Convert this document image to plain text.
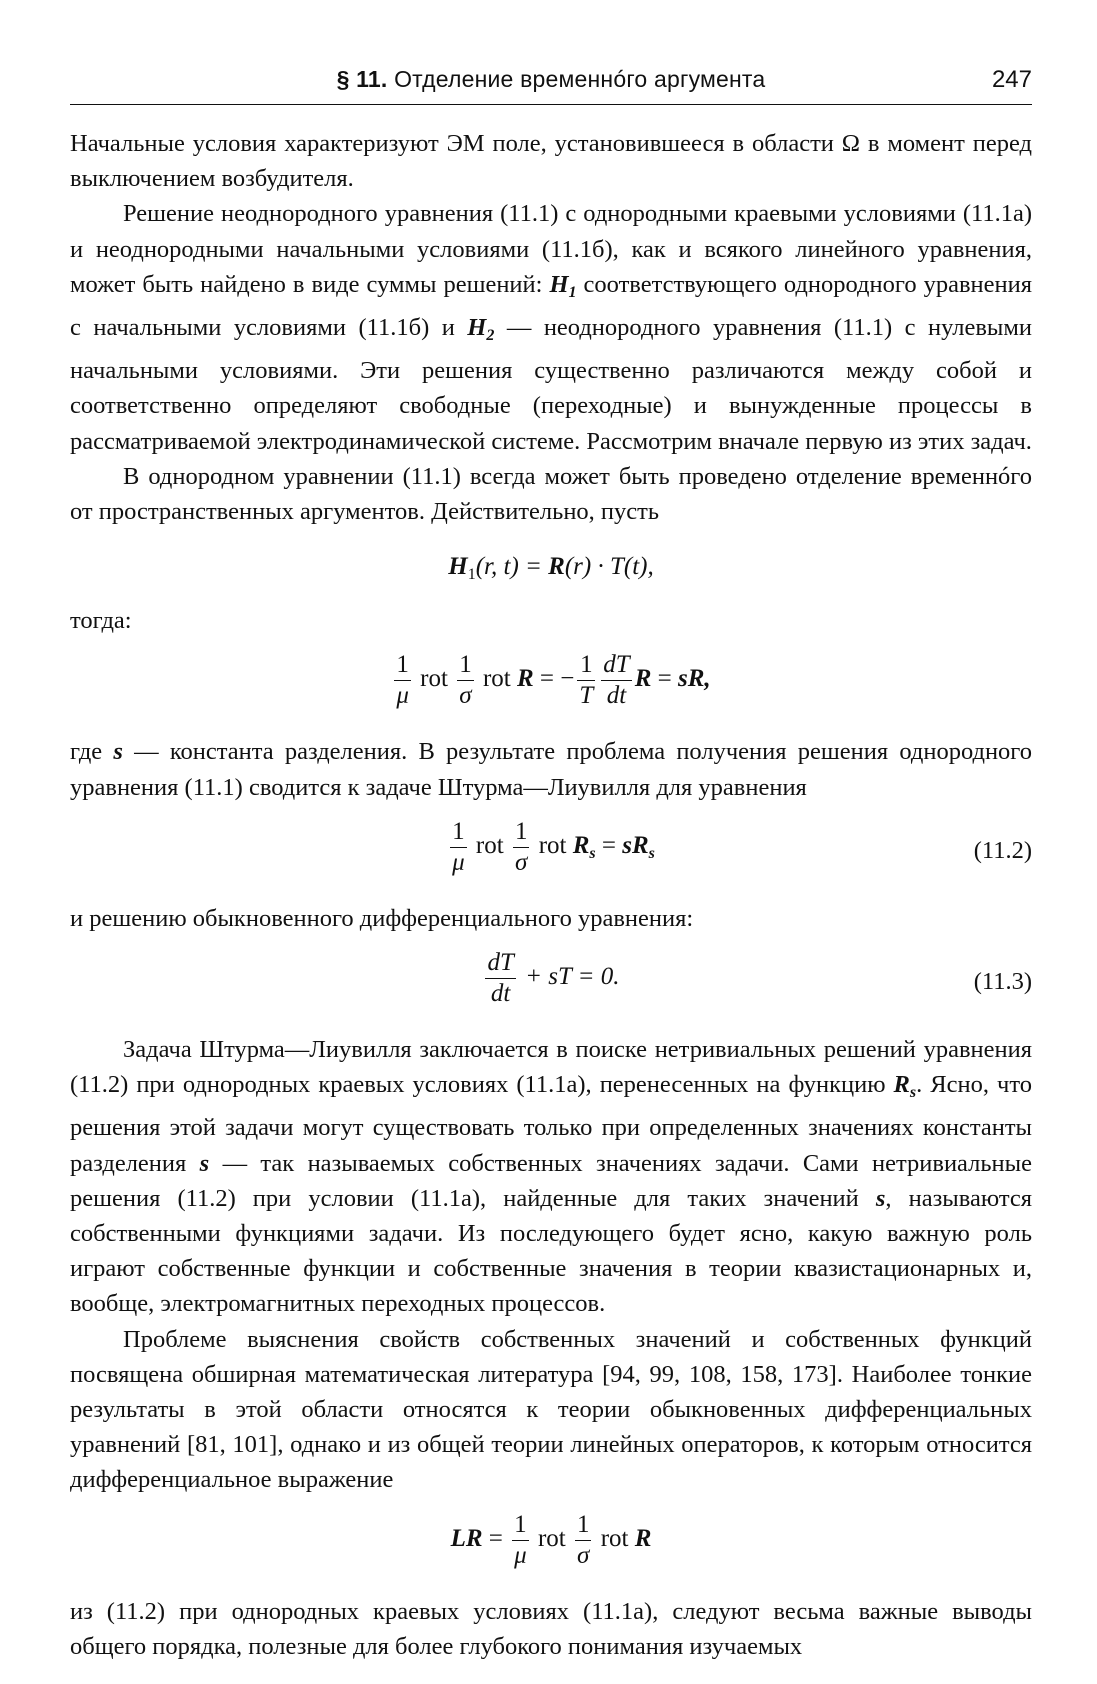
§ 11. Отделение временнóго аргумента	247

Начальные условия характеризуют ЭМ поле, установившееся в области Ω в момент перед выключением возбудителя.

Решение неоднородного уравнения (11.1) с однородными краевыми условиями (11.1а) и неоднородными начальными условиями (11.1б), как и всякого линейного уравнения, может быть найдено в виде суммы решений: $H_1$ соответствующего однородного уравнения с начальными условиями (11.1б) и $H_2$ — неоднородного уравнения (11.1) с нулевыми начальными условиями. Эти решения существенно различаются между собой и соответственно определяют свободные (переходные) и вынужденные процессы в рассматриваемой электродинамической системе. Рассмотрим вначале первую из этих задач.

В однородном уравнении (11.1) всегда может быть проведено отделение временнóго от пространственных аргументов. Действительно, пусть

$H_1(r$, t) = R(r) · T(t),

тогда:

$\frac{1}{\mu}$ rot $\frac{1}{\sigma}$ rot R = − $\frac{1}{T} \frac{dT}{dt}$ R = sR,

где s — константа разделения. В результате проблема получения решения однородного уравнения (11.1) сводится к задаче Штурма—Лиувилля для уравнения

$\frac{1}{\mu}$ rot $\frac{1}{\sigma}$ rot $R_s = sR_s$	(11.2)

и решению обыкновенного дифференциального уравнения:

$\frac{dT}{dt}$ + sT = 0.	(11.3)

Задача Штурма—Лиувилля заключается в поиске нетривиальных решений уравнения (11.2) при однородных краевых условиях (11.1а), перенесенных на функцию $R_s$. Ясно, что решения этой задачи могут существовать только при определенных значениях константы разделения s — так называемых собственных значениях задачи. Сами нетривиальные решения (11.2) при условии (11.1а), найденные для таких значений s, называются собственными функциями задачи. Из последующего будет ясно, какую важную роль играют собственные функции и собственные значения в теории квазистационарных и, вообще, электромагнитных переходных процессов.

Проблеме выяснения свойств собственных значений и собственных функций посвящена обширная математическая литература [94, 99, 108, 158, 173]. Наиболее тонкие результаты в этой области относятся к теории обыкновенных дифференциальных уравнений [81, 101], однако и из общей теории линейных операторов, к которым относится дифференциальное выражение

LR = $\frac{1}{\mu}$ rot $\frac{1}{\sigma}$ rot R

из (11.2) при однородных краевых условиях (11.1а), следуют весьма важные выводы общего порядка, полезные для более глубокого понимания изучаемых
